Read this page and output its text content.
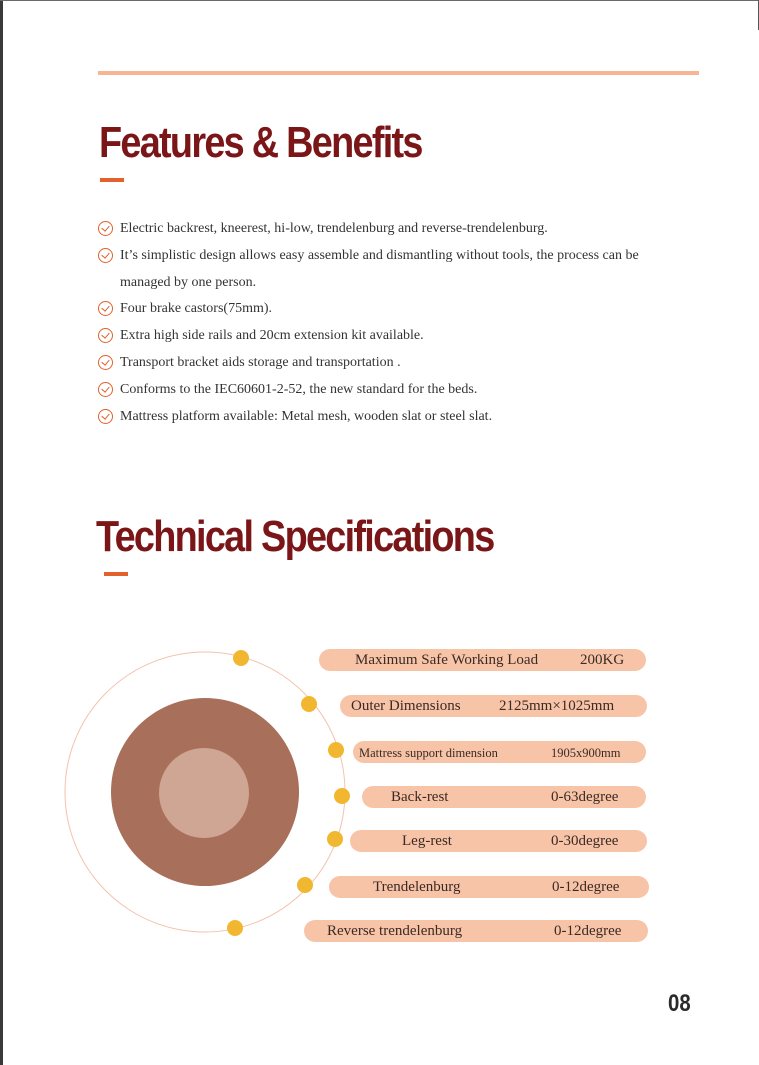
Features & Benefits
Electric backrest, kneerest, hi-low, trendelenburg and reverse-trendelenburg.
It’s simplistic design allows easy assemble and dismantling without tools, the process can be managed by one person.
Four brake castors(75mm).
Extra high side rails and 20cm extension kit available.
Transport bracket aids storage and transportation .
Conforms to the IEC60601-2-52, the new standard for the beds.
Mattress platform available: Metal mesh, wooden slat or steel slat.
Technical Specifications
Maximum Safe Working Load	200KG
Outer Dimensions	2125mm×1025mm
Mattress support dimension	1905x900mm
Back-rest	0-63degree
Leg-rest	0-30degree
Trendelenburg	0-12degree
Reverse trendelenburg	0-12degree
08
